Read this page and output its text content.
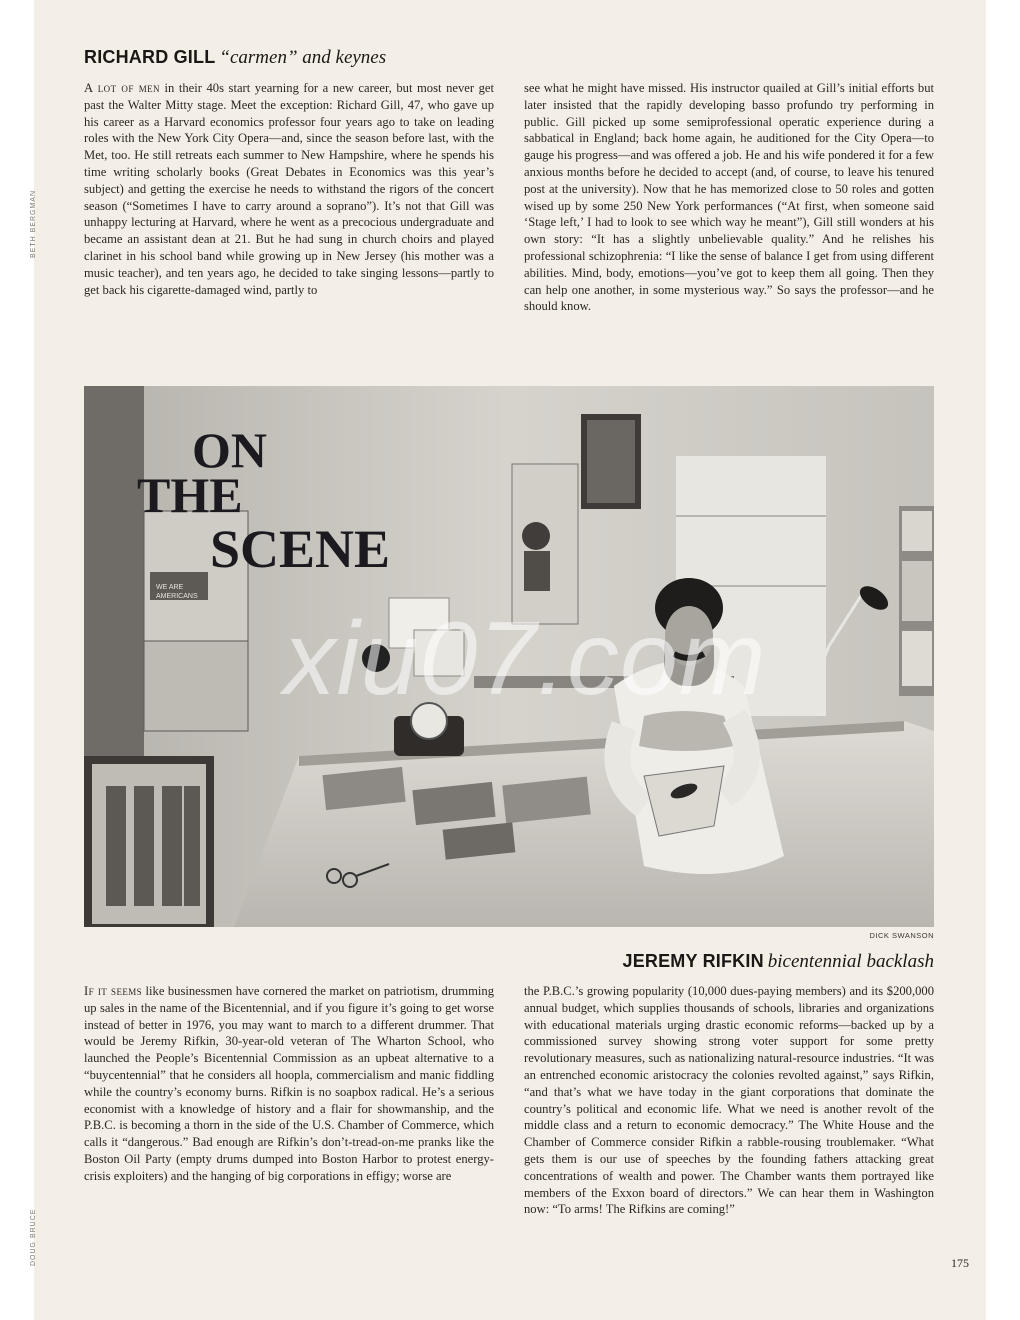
BETH BERGMAN
DOUG BRUCE
RICHARD GILL “carmen” and keynes

A lot of men in their 40s start yearning for a new career, but most never get past the Walter Mitty stage. Meet the exception: Richard Gill, 47, who gave up his career as a Harvard economics professor four years ago to take on leading roles with the New York City Opera—and, since the season before last, with the Met, too. He still retreats each summer to New Hampshire, where he spends his time writing scholarly books (Great Debates in Economics was this year’s subject) and getting the exercise he needs to withstand the rigors of the concert season (“Sometimes I have to carry around a soprano”). It’s not that Gill was unhappy lecturing at Harvard, where he went as a precocious undergraduate and became an assistant dean at 21. But he had sung in church choirs and played clarinet in his school band while growing up in New Jersey (his mother was a music teacher), and ten years ago, he decided to take singing lessons—partly to get back his cigarette-damaged wind, partly to

see what he might have missed. His instructor quailed at Gill’s initial efforts but later insisted that the rapidly developing basso profundo try performing in public. Gill picked up some semiprofessional operatic experience during a sabbatical in England; back home again, he auditioned for the City Opera—to gauge his progress—and was offered a job. He and his wife pondered it for a few anxious months before he decided to accept (and, of course, to leave his tenured post at the university). Now that he has memorized close to 50 roles and gotten wised up by some 250 New York performances (“At first, when someone said ‘Stage left,’ I had to look to see which way he meant”), Gill still wonders at his own story: “It has a slightly unbelievable quality.” And he relishes his professional schizophrenia: “I like the sense of balance I get from using different abilities. Mind, body, emotions—you’ve got to keep them all going. Then they can help one another, in some mysterious way.” So says the professor—and he should know.

WE ARE
AMERICANS
ON
THE
SCENE
xiu07.com
DICK SWANSON
JEREMY RIFKIN bicentennial backlash

If it seems like businessmen have cornered the market on patriotism, drumming up sales in the name of the Bicentennial, and if you figure it’s going to get worse instead of better in 1976, you may want to march to a different drummer. That would be Jeremy Rifkin, 30-year-old veteran of The Wharton School, who launched the People’s Bicentennial Commission as an upbeat alternative to a “buycentennial” that he considers all hoopla, commercialism and manic fiddling while the country’s economy burns. Rifkin is no soapbox radical. He’s a serious economist with a knowledge of history and a flair for showmanship, and the P.B.C. is becoming a thorn in the side of the U.S. Chamber of Commerce, which calls it “dangerous.” Bad enough are Rifkin’s don’t-tread-on-me pranks like the Boston Oil Party (empty drums dumped into Boston Harbor to protest energy-crisis exploiters) and the hanging of big corporations in effigy; worse are

the P.B.C.’s growing popularity (10,000 dues-paying members) and its $200,000 annual budget, which supplies thousands of schools, libraries and organizations with educational materials urging drastic economic reforms—backed up by a commissioned survey showing strong voter support for some pretty revolutionary measures, such as nationalizing natural-resource industries. “It was an entrenched economic aristocracy the colonies revolted against,” says Rifkin, “and that’s what we have today in the giant corporations that dominate the country’s political and economic life. What we need is another revolt of the middle class and a return to economic democracy.” The White House and the Chamber of Commerce consider Rifkin a rabble-rousing troublemaker. “What gets them is our use of speeches by the founding fathers attacking great concentrations of wealth and power. The Chamber wants them portrayed like members of the Exxon board of directors.” We can hear them in Washington now: “To arms! The Rifkins are coming!”

175
